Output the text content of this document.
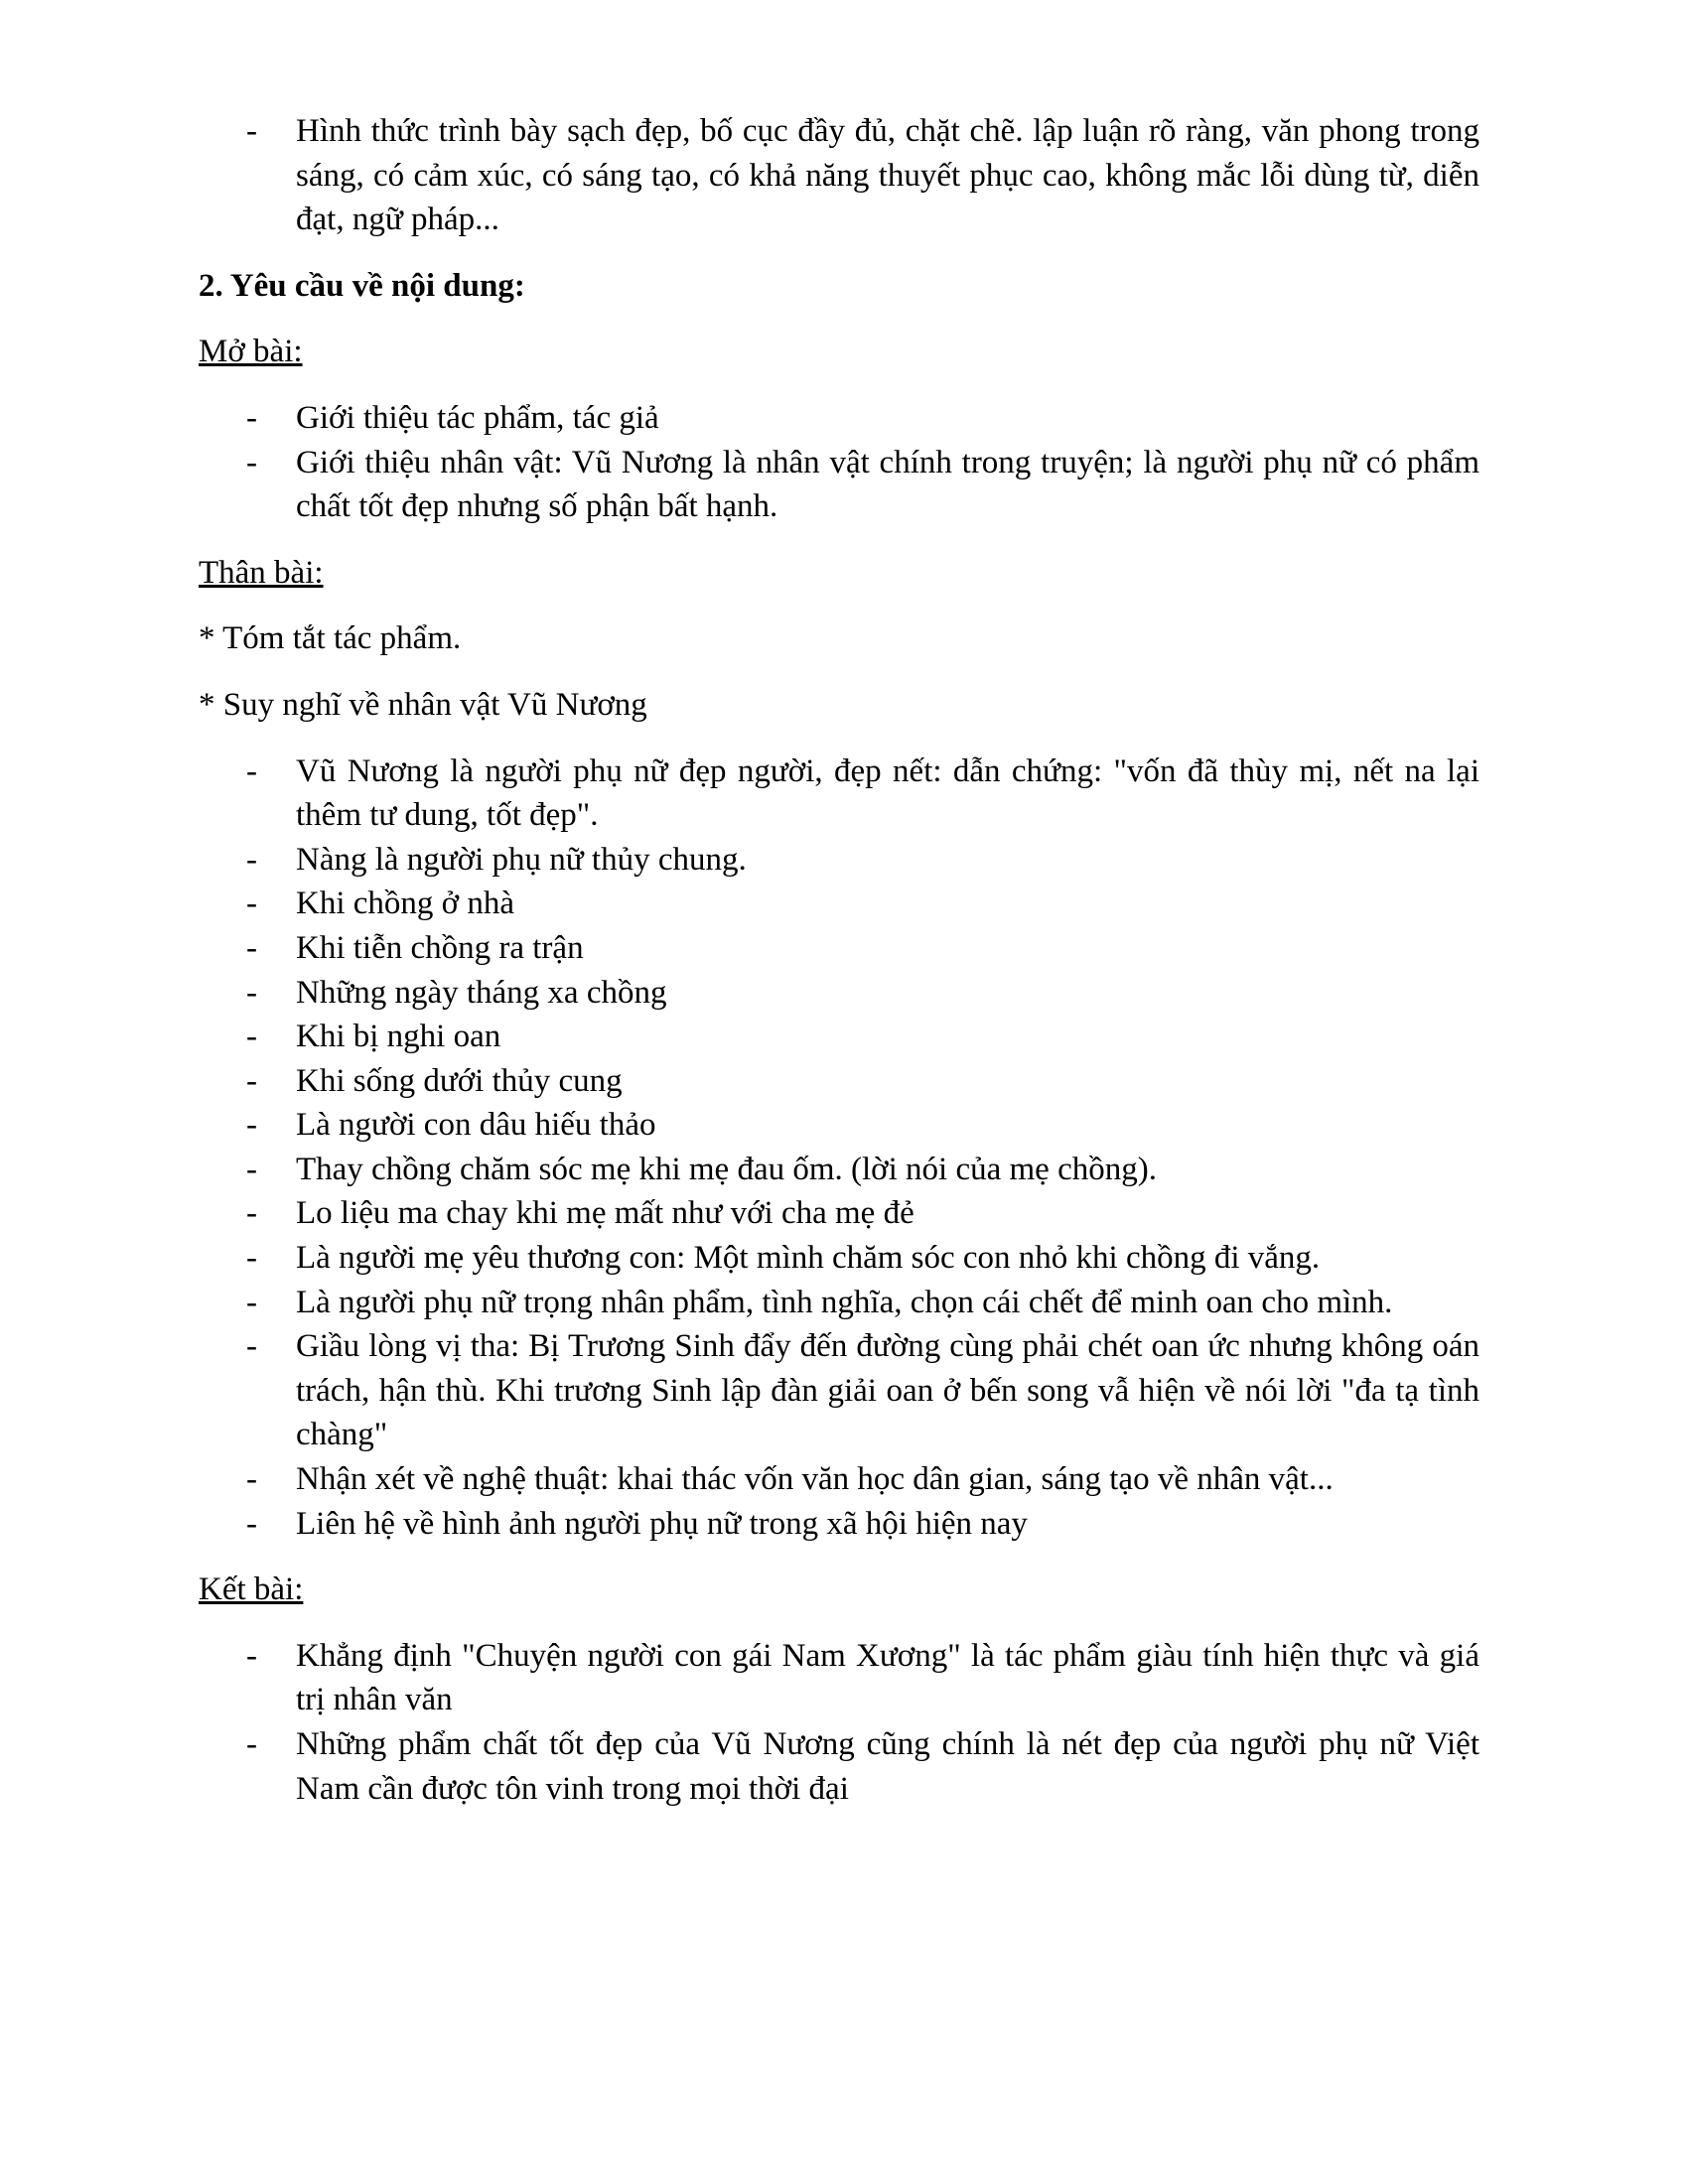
- Hình thức trình bày sạch đẹp, bố cục đầy đủ, chặt chẽ. lập luận rõ ràng, văn phong trong sáng, có cảm xúc, có sáng tạo, có khả năng thuyết phục cao, không mắc lỗi dùng từ, diễn đạt, ngữ pháp...

2. Yêu cầu về nội dung:

Mở bài:

- Giới thiệu tác phẩm, tác giả
- Giới thiệu nhân vật: Vũ Nương là nhân vật chính trong truyện; là người phụ nữ có phẩm chất tốt đẹp nhưng số phận bất hạnh.

Thân bài:

* Tóm tắt tác phẩm.

* Suy nghĩ về nhân vật Vũ Nương

- Vũ Nương là người phụ nữ đẹp người, đẹp nết: dẫn chứng: "vốn đã thùy mị, nết na lại thêm tư dung, tốt đẹp".
- Nàng là người phụ nữ thủy chung.
- Khi chồng ở nhà
- Khi tiễn chồng ra trận
- Những ngày tháng xa chồng
- Khi bị nghi oan
- Khi sống dưới thủy cung
- Là người con dâu hiếu thảo
- Thay chồng chăm sóc mẹ khi mẹ đau ốm. (lời nói của mẹ chồng).
- Lo liệu ma chay khi mẹ mất như với cha mẹ đẻ
- Là người mẹ yêu thương con: Một mình chăm sóc con nhỏ khi chồng đi vắng.
- Là người phụ nữ trọng nhân phẩm, tình nghĩa, chọn cái chết để minh oan cho mình.
- Giầu lòng vị tha: Bị Trương Sinh đẩy đến đường cùng phải chét oan ức nhưng không oán trách, hận thù. Khi trương Sinh lập đàn giải oan ở bến song vẫ hiện về nói lời "đa tạ tình chàng"
- Nhận xét về nghệ thuật: khai thác vốn văn học dân gian, sáng tạo về nhân vật...
- Liên hệ về hình ảnh người phụ nữ trong xã hội hiện nay

Kết bài:

- Khẳng định "Chuyện người con gái Nam Xương" là tác phẩm giàu tính hiện thực và giá trị nhân văn
- Những phẩm chất tốt đẹp của Vũ Nương cũng chính là nét đẹp của người phụ nữ Việt Nam cần được tôn vinh trong mọi thời đại
